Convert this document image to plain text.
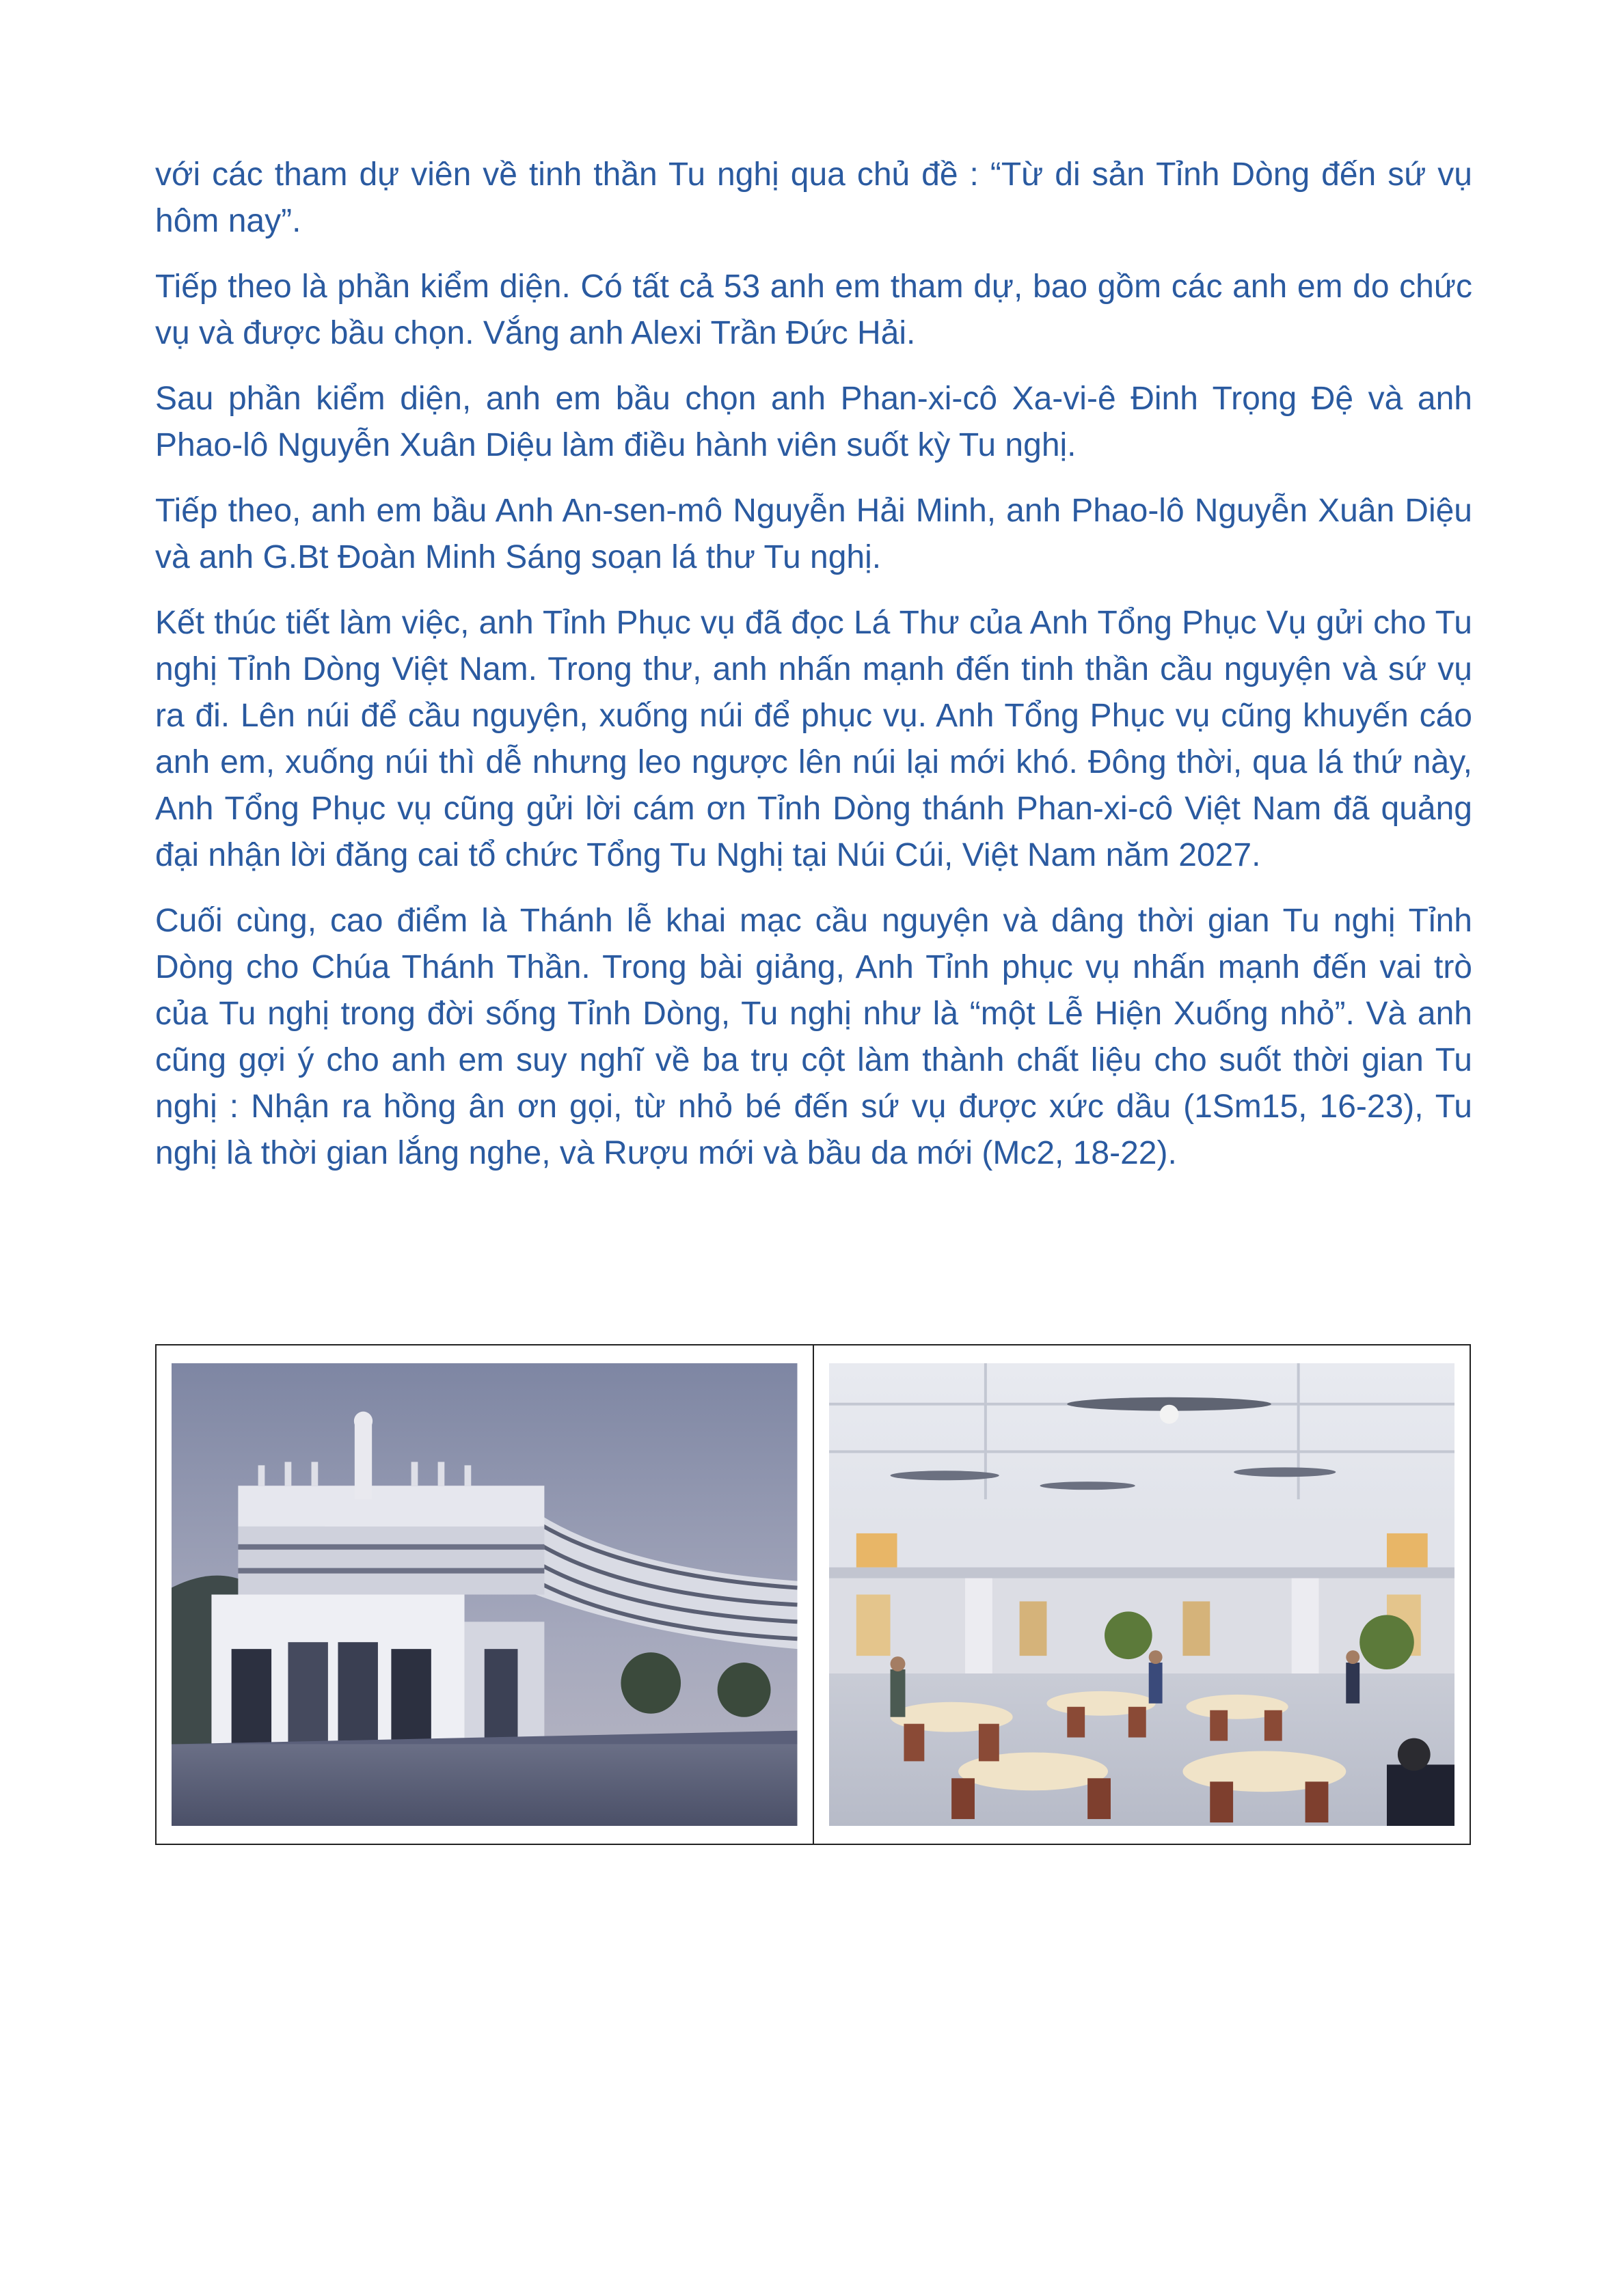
với các tham dự viên về tinh thần Tu nghị qua chủ đề : “Từ di sản Tỉnh Dòng đến sứ vụ hôm nay”.

Tiếp theo là phần kiểm diện. Có tất cả 53 anh em tham dự, bao gồm các anh em do chức vụ và được bầu chọn. Vắng anh Alexi Trần Đức Hải.

Sau phần kiểm diện, anh em bầu chọn anh Phan-xi-cô Xa-vi-ê Đinh Trọng Đệ và anh Phao-lô Nguyễn Xuân Diệu làm điều hành viên suốt kỳ Tu nghị.

Tiếp theo, anh em bầu Anh An-sen-mô Nguyễn Hải Minh, anh Phao-lô Nguyễn Xuân Diệu và anh G.Bt Đoàn Minh Sáng soạn lá thư Tu nghị.

Kết thúc tiết làm việc, anh Tỉnh Phục vụ đã đọc Lá Thư của Anh Tổng Phục Vụ gửi cho Tu nghị Tỉnh Dòng Việt Nam. Trong thư, anh nhấn mạnh đến tinh thần cầu nguyện và sứ vụ ra đi. Lên núi để cầu nguyện, xuống núi để phục vụ. Anh Tổng Phục vụ cũng khuyến cáo anh em, xuống núi thì dễ nhưng leo ngược lên núi lại mới khó. Đông thời, qua lá thứ này, Anh Tổng Phục vụ cũng gửi lời cám ơn Tỉnh Dòng thánh Phan-xi-cô Việt Nam đã quảng đại nhận lời đăng cai tổ chức Tổng Tu Nghị tại Núi Cúi, Việt Nam năm 2027.

Cuối cùng, cao điểm là Thánh lễ khai mạc cầu nguyện và dâng thời gian Tu nghị Tỉnh Dòng cho Chúa Thánh Thần. Trong bài giảng, Anh Tỉnh phục vụ nhấn mạnh đến vai trò của Tu nghị trong đời sống Tỉnh Dòng, Tu nghị như là “một Lễ Hiện Xuống nhỏ”. Và anh cũng gợi ý cho anh em suy nghĩ về ba trụ cột làm thành chất liệu cho suốt thời gian Tu nghị : Nhận ra hồng ân ơn gọi, từ nhỏ bé đến sứ vụ được xức dầu (1Sm15, 16-23), Tu nghị là thời gian lắng nghe, và Rượu mới và bầu da mới (Mc2, 18-22).
